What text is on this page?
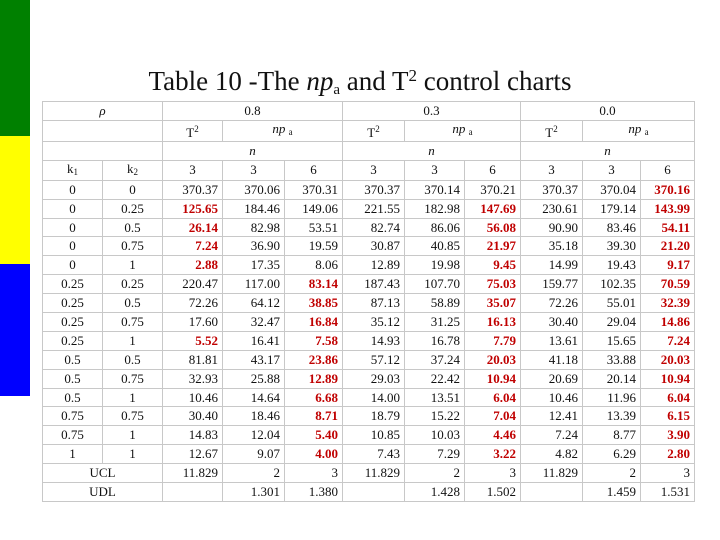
Table 10 -The $np_a$ and $T^2$ control charts
ρ		0.8			0.3			0.0		
		$T^2$	np $_a$		$T^2$	np $_a$		$T^2$	np $_a$
		n			n			n		
$k_1$	$k_2$	3	3	6	3	3	6	3	3	6
0	0	370.37	370.06	370.31	370.37	370.14	370.21	370.37	370.04	370.16
0	0.25	125.65	184.46	149.06	221.55	182.98	147.69	230.61	179.14	143.99
0	0.5	26.14	82.98	53.51	82.74	86.06	56.08	90.90	83.46	54.11
0	0.75	7.24	36.90	19.59	30.87	40.85	21.97	35.18	39.30	21.20
0	1	2.88	17.35	8.06	12.89	19.98	9.45	14.99	19.43	9.17
0.25	0.25	220.47	117.00	83.14	187.43	107.70	75.03	159.77	102.35	70.59
0.25	0.5	72.26	64.12	38.85	87.13	58.89	35.07	72.26	55.01	32.39
0.25	0.75	17.60	32.47	16.84	35.12	31.25	16.13	30.40	29.04	14.86
0.25	1	5.52	16.41	7.58	14.93	16.78	7.79	13.61	15.65	7.24
0.5	0.5	81.81	43.17	23.86	57.12	37.24	20.03	41.18	33.88	20.03
0.5	0.75	32.93	25.88	12.89	29.03	22.42	10.94	20.69	20.14	10.94
0.5	1	10.46	14.64	6.68	14.00	13.51	6.04	10.46	11.96	6.04
0.75	0.75	30.40	18.46	8.71	18.79	15.22	7.04	12.41	13.39	6.15
0.75	1	14.83	12.04	5.40	10.85	10.03	4.46	7.24	8.77	3.90
1	1	12.67	9.07	4.00	7.43	7.29	3.22	4.82	6.29	2.80
UCL		11.829	2	3	11.829	2	3	11.829	2	3
UDL			1.301	1.380		1.428	1.502		1.459	1.531
